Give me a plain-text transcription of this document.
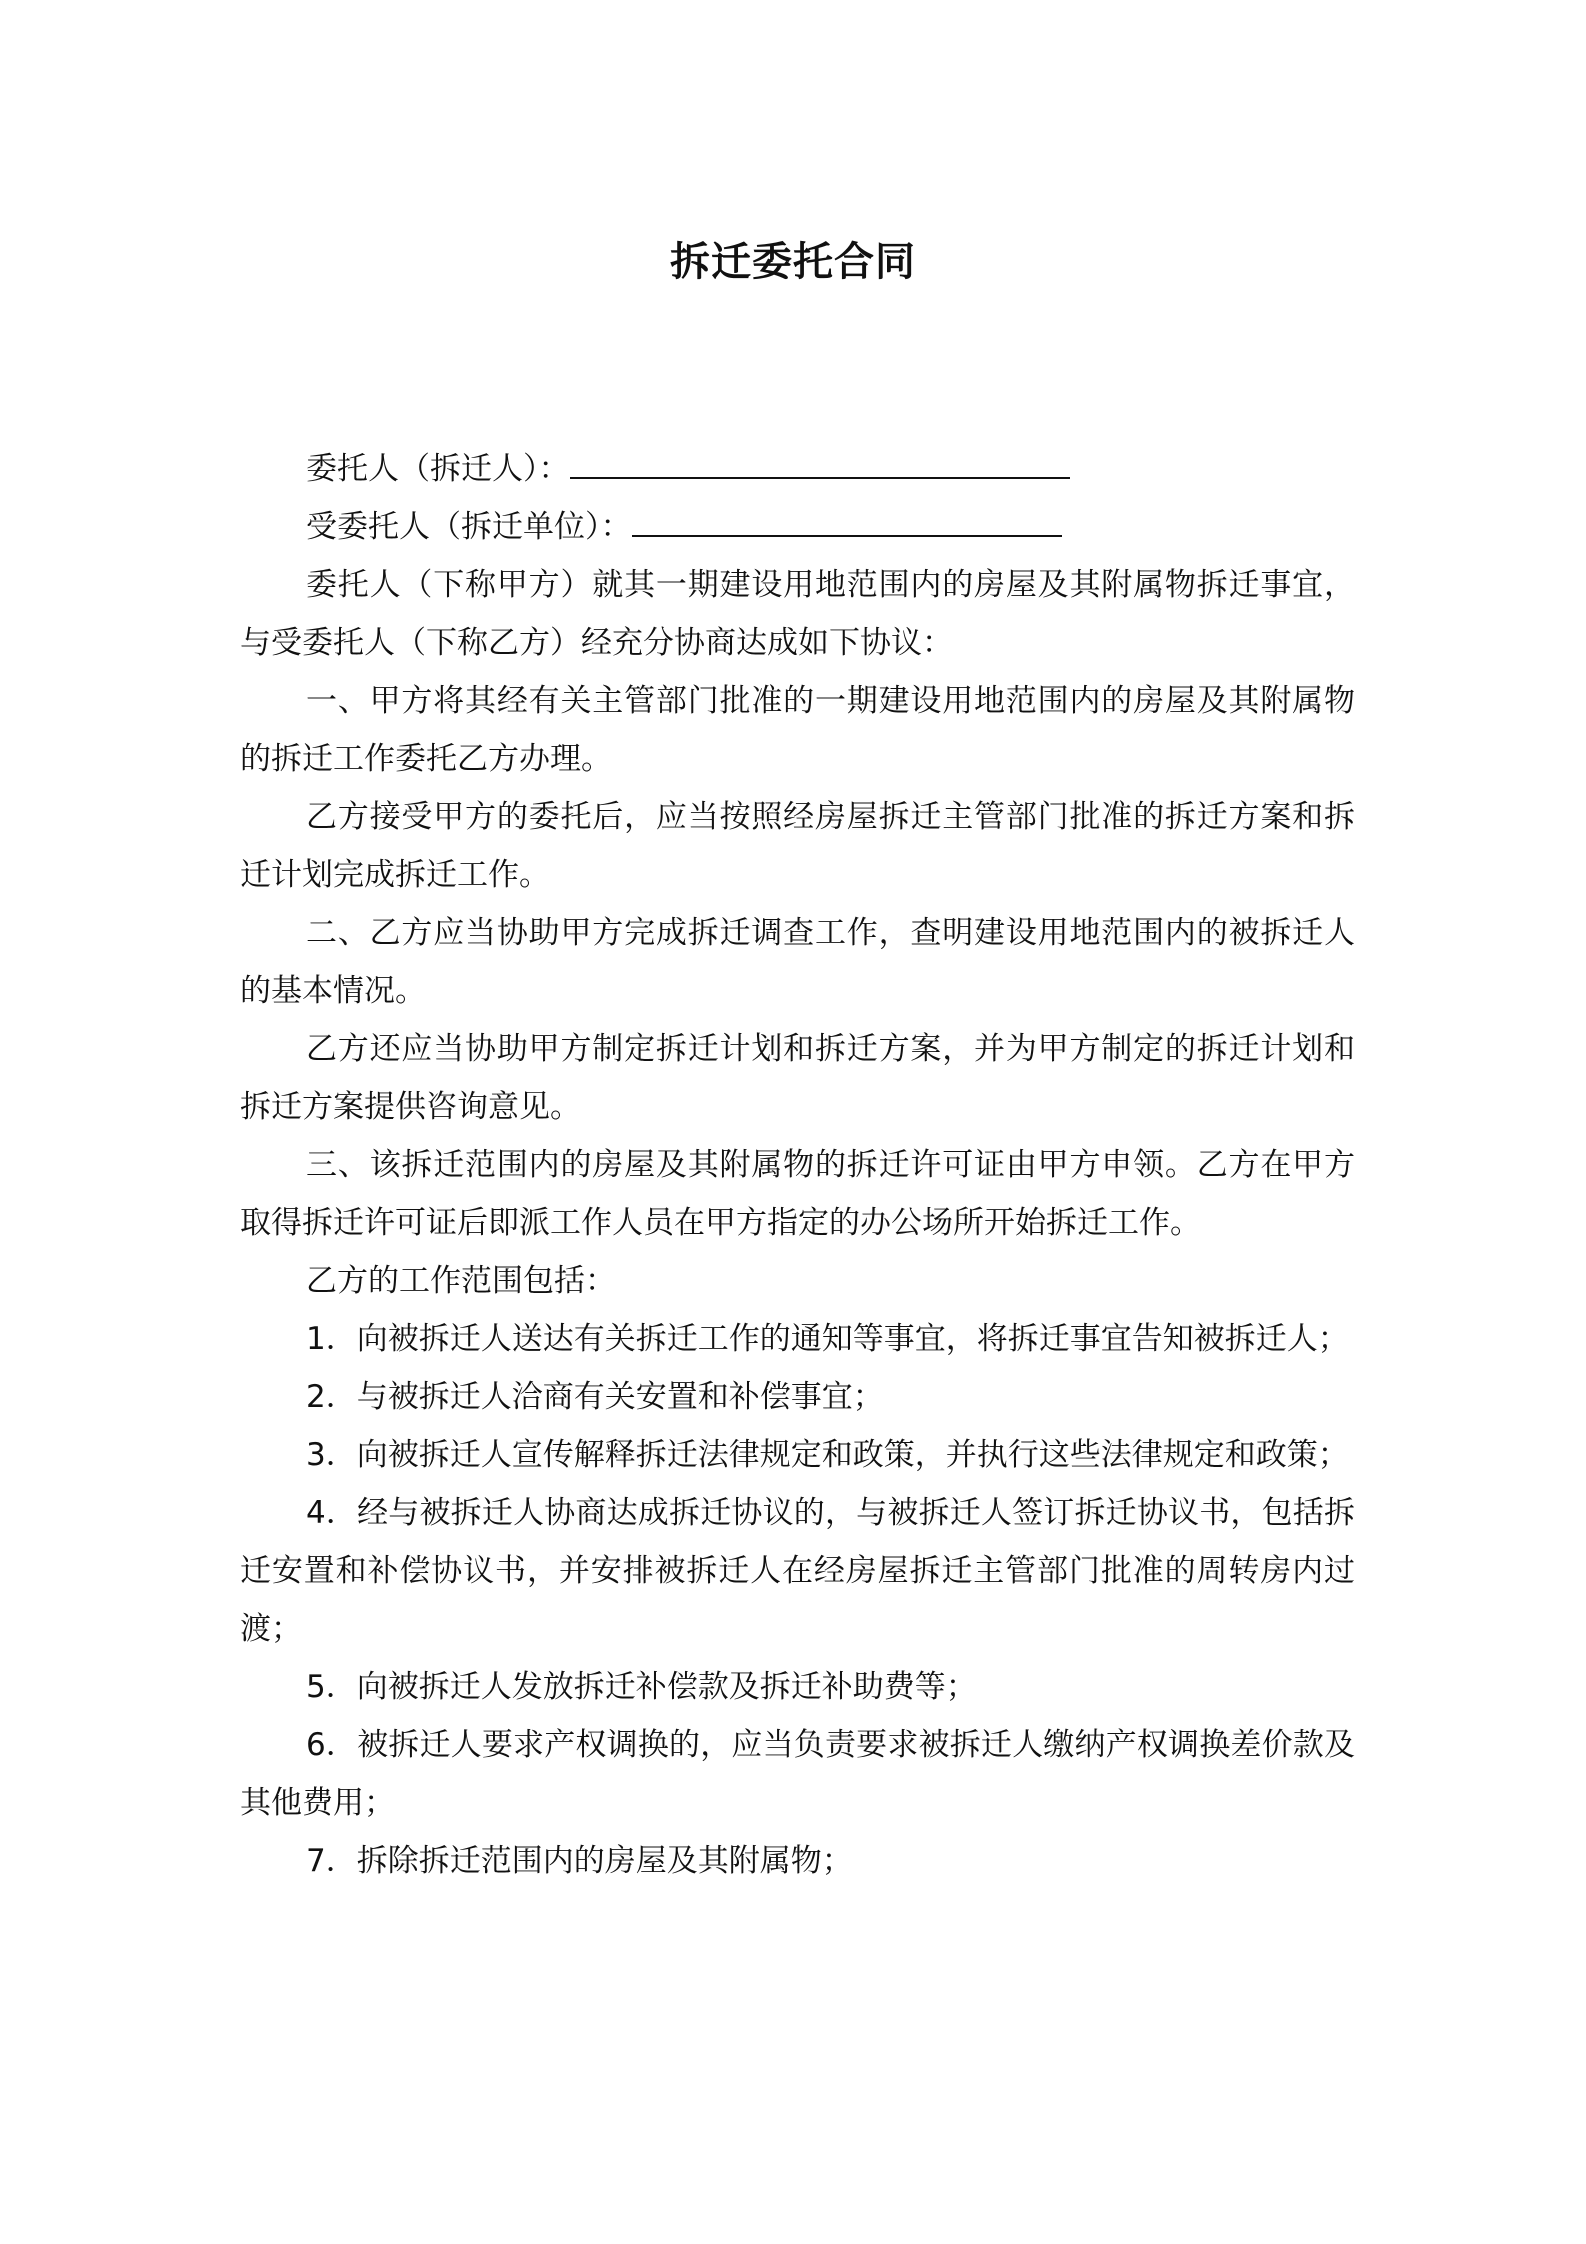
拆迁委托合同

委托人（拆迁人）：

受委托人（拆迁单位）：

委托人（下称甲方）就其一期建设用地范围内的房屋及其附属物拆迁事宜，与受委托人（下称乙方）经充分协商达成如下协议：

一、甲方将其经有关主管部门批准的一期建设用地范围内的房屋及其附属物的拆迁工作委托乙方办理。

乙方接受甲方的委托后，应当按照经房屋拆迁主管部门批准的拆迁方案和拆迁计划完成拆迁工作。

二、乙方应当协助甲方完成拆迁调查工作，查明建设用地范围内的被拆迁人的基本情况。

乙方还应当协助甲方制定拆迁计划和拆迁方案，并为甲方制定的拆迁计划和拆迁方案提供咨询意见。

三、该拆迁范围内的房屋及其附属物的拆迁许可证由甲方申领。乙方在甲方取得拆迁许可证后即派工作人员在甲方指定的办公场所开始拆迁工作。

乙方的工作范围包括：

1．向被拆迁人送达有关拆迁工作的通知等事宜，将拆迁事宜告知被拆迁人；

2．与被拆迁人洽商有关安置和补偿事宜；

3．向被拆迁人宣传解释拆迁法律规定和政策，并执行这些法律规定和政策；

4．经与被拆迁人协商达成拆迁协议的，与被拆迁人签订拆迁协议书，包括拆迁安置和补偿协议书，并安排被拆迁人在经房屋拆迁主管部门批准的周转房内过渡；

5．向被拆迁人发放拆迁补偿款及拆迁补助费等；

6．被拆迁人要求产权调换的，应当负责要求被拆迁人缴纳产权调换差价款及其他费用；

7．拆除拆迁范围内的房屋及其附属物；
